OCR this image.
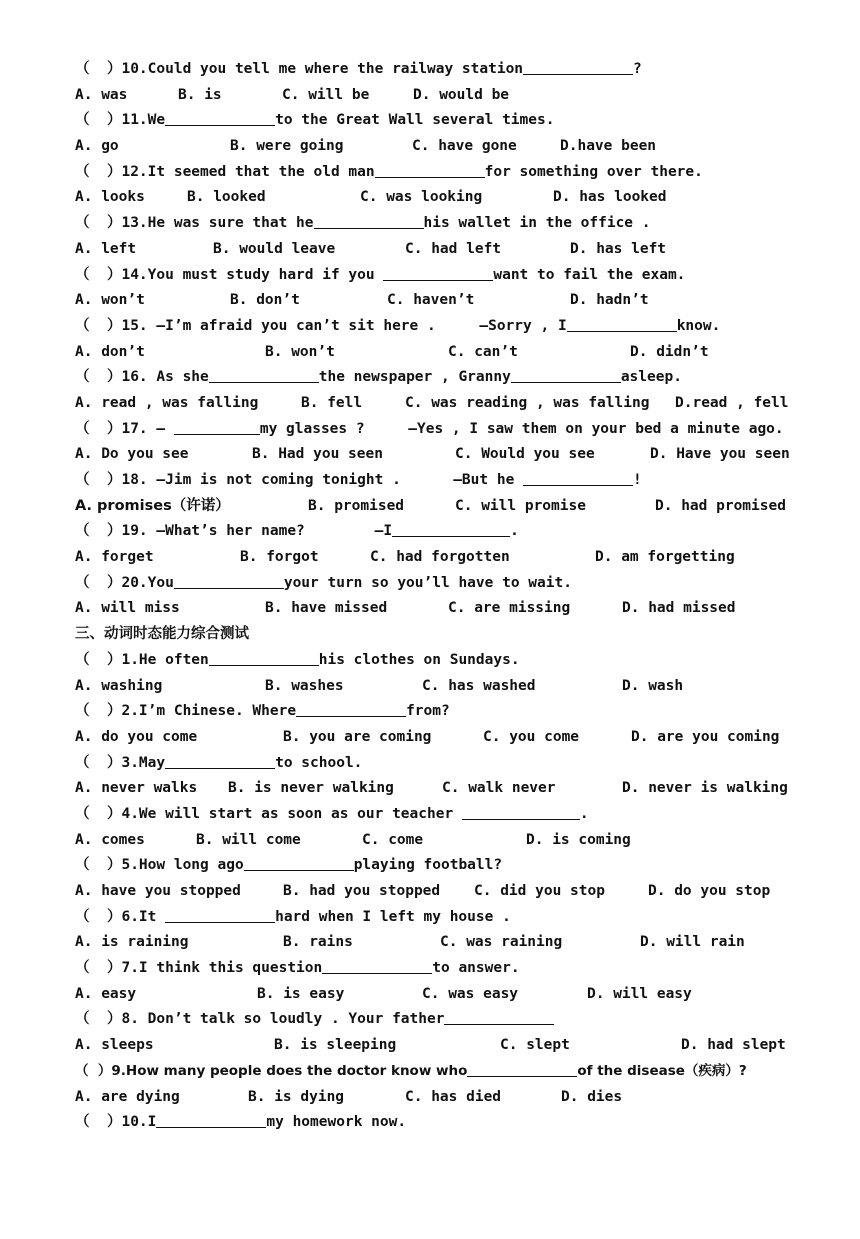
（  ）10.Could you tell me where the railway station	?

A. was

	B. is

	C. will be

	D. would be

（  ）11.We	to the Great Wall several times.

A. go

	B. were going

	C. have gone

	D.have been

（  ）12.It seemed that the old man	for something over there.

A. looks

	B. looked

	C. was looking

	D. has looked

（  ）13.He was sure that he	his wallet in the office .

A. left

	B. would leave

	C. had left

	D. has left

（  ）14.You must study hard if you	want to fail the exam.

A. won’t

	B. don’t

	C. haven’t

	D. hadn’t

（  ）15. —I’m afraid you can’t sit here .     —Sorry , I	know.

A. don’t

	B. won’t

	C. can’t

	D. didn’t

（  ）16. As she	the newspaper , Granny	asleep.

A. read , was falling

	B. fell

	C. was reading , was falling

D.read , fell

（  ）17. —	my glasses ?     —Yes , I saw them on your bed a minute ago.

A. Do you see

	B. Had you seen

	C. Would you see

	D. Have you seen

（  ）18. —Jim is not coming tonight .      —But he	!

A. promises（许诺）

	B. promised

	C. will promise

	D. had promised

（  ）19. —What’s her name?        —I	.

A. forget

	B. forgot

	C. had forgotten

	D. am forgetting

（  ）20.You	your turn so you’ll have to wait.

A. will miss

	B. have missed

	C. are missing

	D. had missed

三、动词时态能力综合测试
（  ）1.He often	his clothes on Sundays.

A. washing

	B. washes

	C. has washed

	D. wash

（  ）2.I’m Chinese. Where	from?

A. do you come

	B. you are coming

	C. you come

	D. are you coming

（  ）3.May	to school.

A. never walks

B. is never walking

	C. walk never

	D. never is walking

（  ）4.We will start as soon as our teacher	.

A. comes

	B. will come

	C. come

	D. is coming

（  ）5.How long ago	playing football?

A. have you stopped

	B. had you stopped

C. did you stop

	D. do you stop

（  ）6.It	hard when I left my house .

A. is raining

	B. rains

	C. was raining

	D. will rain

（  ）7.I think this question	to answer.

A. easy

	B. is easy

	C. was easy

	D. will easy

（  ）8. Don’t talk so loudly . Your father

A. sleeps

	B. is sleeping

	C. slept

	D. had slept

（  ）9.How many people does the doctor know who	of the disease（疾病）?

A. are dying

	B. is dying

	C. has died

	D. dies

（  ）10.I	my homework now.
